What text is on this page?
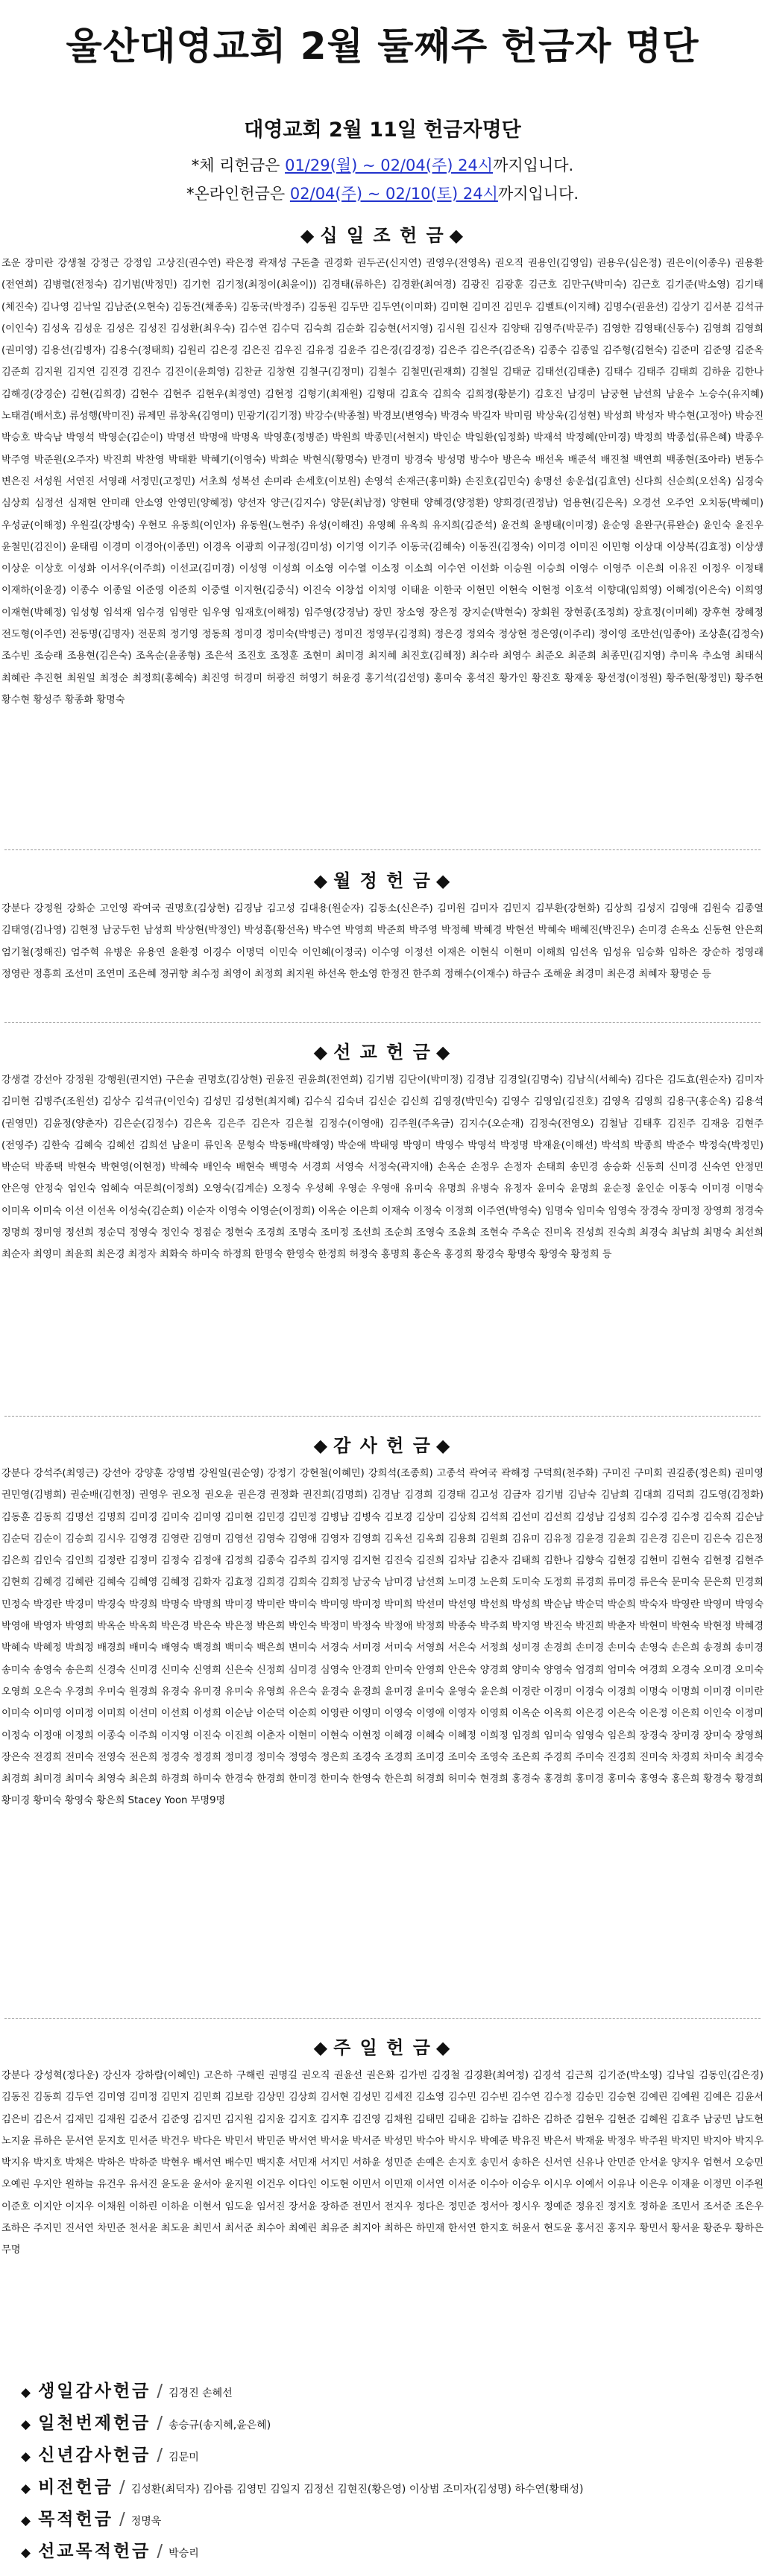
울산대영교회 2월 둘째주 헌금자 명단
대영교회 2월 11일 헌금자명단
*체 리헌금은 01/29(월) ~ 02/04(주) 24시까지입니다.
*온라인헌금은 02/04(주) ~ 02/10(토) 24시까지입니다.
◆ 십 일 조 헌 금 ◆
조운 장미란 강생철 강정근 강정임 고상진(권수연) 곽은정 곽재성 구돈출 권경화 권두곤(신지연) 권영우(전영옥) 권오직 권용인(김영임) 권용우(심은정) 권은이(이종우) 권용환(전연희) 김병렬(전정숙) 김기범(박정민) 김기헌 김기정(최정이(최윤이)) 김경태(류하은) 김경환(최여경) 김광진 김광훈 김근호 김만구(박미숙) 김근호 김기준(박소영) 김기태(체진숙) 김나영 김낙일 김남준(오현숙) 김동건(채종욱) 김동국(박정주) 김동원 김두만 김두연(이미화) 김미현 김미진 김민우 김벨트(이지해) 김명수(권윤선) 김상기 김서분 김석규(이인숙) 김성옥 김성운 김성은 김성진 김성환(최우숙) 김수연 김수덕 김숙희 김순화 김승현(서지영) 김시원 김신자 김양태 김영주(박문주) 김영한 김영태(신동수) 김영희 김영희(권미영) 김용선(김병자) 김용수(정태희) 김원리 김은경 김은진 김우진 김유정 김윤주 김은경(김경정) 김은주 김은주(김준옥) 김종수 김종일 김주형(김현숙) 김준미 김준영 김준옥 김준희 김지원 김지연 김진경 김진수 김진이(윤희영) 김찬균 김창현 김철구(김정미) 김철수 김철민(권재희) 김철일 김태균 김태선(김태춘) 김태수 김태주 김태희 김하윤 김한나 김해경(강경순) 김현(김희경) 김현수 김현주 김현우(최정연) 김현정 김형기(최재원) 김형대 김효숙 김희숙 김희정(황분기) 김호진 남경미 남궁현 남선희 남윤수 노승수(유지혜) 노태겸(배서호) 류성행(박미진) 류제민 류창옥(김영미) 민광기(김기정) 박강수(박종철) 박경보(변영숙) 박경숙 박길자 박미림 박상욱(김성현) 박성희 박성자 박수현(고정아) 박승진 박승호 박숙남 박영석 박영순(김순이) 박명선 박명애 박명옥 박영훈(정병준) 박원희 박종민(서현지) 박인순 박일환(임정화) 박재석 박정혜(안미경) 박정희 박종섭(류은혜) 박종우 박주영 박준원(오주자) 박진희 박찬영 박태환 박혜기(이영숙) 박희순 박현식(황명숙) 반경미 방경숙 방성명 방수아 방은숙 배선옥 배준석 배진철 백연희 백종현(조아라) 변동수 변은진 서성원 서연진 서영래 서정민(고정민) 서초희 성복선 손미라 손세호(이보원) 손영석 손재근(홍미화) 손진호(김민숙) 송명선 송운섭(김효연) 신다희 신순희(오선옥) 심경숙 심상희 심정선 심재현 안미래 안소영 안영민(양혜정) 양선자 양근(김지수) 양문(최남정) 양현태 양혜경(양정환) 양희경(권정남) 엄용현(김은옥) 오경선 오주언 오치동(박혜미) 우성균(이해정) 우원길(강병숙) 우현모 유동희(이인자) 유동원(노현주) 유성(이해진) 유영혜 유옥희 유지희(김준석) 윤건희 윤병태(이미정) 윤순영 윤완구(류완순) 윤인숙 윤진우 윤철민(김진이) 윤태림 이경미 이경아(이종민) 이경옥 이광희 이규정(김미성) 이기영 이기주 이동국(김혜숙) 이동진(김정숙) 이미경 이미진 이민형 이상대 이상복(김효정) 이상생 이상운 이상호 이성화 이서우(이주희) 이선교(김미경) 이성영 이성희 이소영 이수열 이소정 이소희 이수연 이선화 이승원 이승희 이영수 이영주 이은희 이유진 이정우 이정태 이재하(이윤경) 이종수 이종일 이준영 이준희 이중렬 이지현(김중식) 이진숙 이창섭 이치영 이태윤 이한국 이현민 이현숙 이현정 이호석 이향대(임희영) 이혜정(이은숙) 이희영 이재현(박혜정) 임성형 임석재 임수경 임영란 임우영 임재호(이해정) 임주영(강경남) 장민 장소영 장은정 장지순(박현숙) 장회원 장현종(조정희) 장효정(이미혜) 장후현 장혜정 전도형(이주연) 전동명(김명자) 전문희 정기영 정동희 정미경 정미숙(박병근) 정미진 정영무(김정희) 정은경 정외숙 정상현 정은영(이주리) 정이영 조만선(임종아) 조상훈(김정숙) 조수빈 조승래 조용현(김은숙) 조옥순(윤종형) 조은석 조진호 조정훈 조현미 최미경 최지혜 최진호(김혜정) 최수라 최영수 최준오 최준희 최종민(김지영) 추미옥 추소영 최태식 최혜란 추진현 최원일 최정순 최정희(홍혜숙) 최진영 허경미 허광진 허영기 허윤경 홍기석(김선영) 홍미숙 홍석진 황가인 황진호 황재웅 황선정(이정원) 황주현(황정민) 황주현 황수현 황성주 황종화 황명숙
◆ 월 정 헌 금 ◆
강분다 강정원 강화순 고인영 곽여국 권명호(김상현) 김경남 김고성 김대용(원순자) 김동소(신은주) 김미원 김미자 김민지 김부환(강현화) 김상희 김성지 김영애 김원숙 김종열 김태영(김나영) 김현정 남궁두헌 남성희 박상현(박정인) 박성흥(황선옥) 박수연 박영희 박준희 박주영 박정혜 박혜경 박현선 박혜숙 배혜진(박진우) 손미경 손옥소 신동현 안은희 엄기철(정해진) 엄주혁 유병운 유용연 윤환정 이경수 이명덕 이민숙 이인혜(이정국) 이수영 이정선 이재은 이현식 이현미 이해희 임선옥 임성유 임승화 임하은 장순하 정영래 정영란 정흥희 조선미 조연미 조은혜 정귀향 최수정 최영이 최정희 최지원 하선옥 한소영 한정진 한주희 정해수(이재수) 하금수 조해윤 최경미 최은경 최혜자 황명순 등
◆ 선 교 헌 금 ◆
강생결 강선아 강정원 강행원(권지연) 구은솔 권명호(김상현) 권윤진 권윤희(전연희) 김기범 김단이(박미정) 김경남 김경일(김명숙) 김남식(서혜숙) 김다은 김도효(원순자) 김미자 김미현 김병주(조원선) 김상수 김석규(이인숙) 김성민 김성현(최지혜) 김수식 김숙녀 김신순 김신희 김영경(박민숙) 김영수 김영임(김진호) 김영옥 김영희 김용구(홍순옥) 김용석(권영민) 김윤정(양춘자) 김은순(김정수) 김은옥 김은주 김은자 김은철 김정수(이영애) 김주원(주옥금) 김지수(오순재) 김정숙(전영오) 김철남 김태후 김진주 김재웅 김현주(전영주) 김한숙 김혜숙 김혜선 김희선 남윤미 류인옥 문형숙 박동배(박해영) 박순애 박태영 박영미 박영수 박영석 박정명 박재윤(이해선) 박석희 박종희 박준수 박정숙(박정민) 박순덕 박종택 박현숙 박현영(이현정) 박혜숙 배인숙 배현숙 백명숙 서경희 서영숙 서정숙(곽지애) 손옥순 손정우 손정자 손태희 송민경 송승화 신동희 신미경 신숙연 안정민 안은영 안정숙 엄인숙 엄혜숙 여문희(이정희) 오영숙(김계순) 오정숙 우성혜 우영순 우영애 유미숙 유명희 유병숙 유정자 윤미숙 윤명희 윤순정 윤인순 이동숙 이미경 이명숙 이미옥 이미숙 이선 이선옥 이성숙(김순희) 이순자 이영숙 이영순(이정희) 이옥순 이은희 이재숙 이정숙 이정희 이주연(박영숙) 임명숙 임미숙 임영숙 장경숙 장미정 장영희 정경숙 정명희 정미영 정선희 정순덕 정영숙 정인숙 정점순 정현숙 조경희 조명숙 조미정 조선희 조순희 조영숙 조윤희 조현숙 주옥순 진미옥 진성희 진숙희 최경숙 최남희 최명숙 최선희 최순자 최영미 최윤희 최은경 최정자 최화숙 하미숙 하정희 한명숙 한영숙 한정희 허정숙 홍명희 홍순옥 홍경희 황경숙 황명숙 황영숙 황정희 등
◆ 감 사 헌 금 ◆
강분다 강석주(최영근) 강선아 강양훈 강영범 강원일(권순영) 강정기 강현철(이혜민) 강희석(조종희) 고종석 곽여국 곽해정 구덕희(천주화) 구미진 구미회 권길종(정은희) 권미영 권민영(김병희) 권순배(김헌정) 권영우 권오정 권오윤 권은경 권정화 권진희(김명희) 김경남 김경희 김경태 김고성 김금자 김기범 김남숙 김남희 김대희 김덕희 김도영(김정화) 김동훈 김동희 김명선 김명희 김미경 김미숙 김미영 김미현 김민경 김민정 김병남 김병숙 김보경 김상미 김상희 김석희 김선미 김선희 김성남 김성희 김수경 김수정 김숙희 김순남 김순덕 김순이 김승희 김시우 김영경 김영란 김영미 김영선 김영숙 김영애 김영자 김영희 김옥선 김옥희 김용희 김원희 김유미 김유정 김윤경 김윤희 김은경 김은미 김은숙 김은정 김은희 김인숙 김인희 김정란 김정미 김정숙 김정애 김정희 김종숙 김주희 김지영 김지현 김진숙 김진희 김차남 김춘자 김태희 김한나 김향숙 김현경 김현미 김현숙 김현정 김현주 김현희 김혜경 김혜란 김혜숙 김혜영 김혜정 김화자 김효정 김희경 김희숙 김희정 남궁숙 남미경 남선희 노미경 노은희 도미숙 도정희 류경희 류미경 류은숙 문미숙 문은희 민경희 민정숙 박경란 박경미 박경숙 박경희 박명숙 박명희 박미경 박미란 박미숙 박미영 박미정 박미희 박선미 박선영 박선희 박성희 박순남 박순덕 박순희 박숙자 박영란 박영미 박영숙 박영애 박영자 박영희 박옥순 박옥희 박은경 박은숙 박은정 박은희 박인숙 박정미 박정숙 박정애 박정희 박종숙 박주희 박지영 박진숙 박진희 박춘자 박현미 박현숙 박현정 박혜경 박혜숙 박혜정 박희정 배경희 배미숙 배영숙 백경희 백미숙 백은희 변미숙 서경숙 서미경 서미숙 서영희 서은숙 서정희 성미경 손경희 손미경 손미숙 손영숙 손은희 송경희 송미경 송미숙 송영숙 송은희 신경숙 신미경 신미숙 신영희 신은숙 신정희 심미경 심영숙 안경희 안미숙 안영희 안은숙 양경희 양미숙 양영숙 엄경희 엄미숙 여경희 오경숙 오미경 오미숙 오영희 오은숙 우경희 우미숙 원경희 유경숙 유미경 유미숙 유영희 유은숙 윤경숙 윤경희 윤미경 윤미숙 윤영숙 윤은희 이경란 이경미 이경숙 이경희 이명숙 이명희 이미경 이미란 이미숙 이미영 이미정 이미희 이선미 이선희 이성희 이순남 이순덕 이순희 이영란 이영미 이영숙 이영애 이영자 이영희 이옥순 이옥희 이은경 이은숙 이은정 이은희 이인숙 이정미 이정숙 이정애 이정희 이종숙 이주희 이지영 이진숙 이진희 이춘자 이현미 이현숙 이현정 이혜경 이혜숙 이혜정 이희정 임경희 임미숙 임영숙 임은희 장경숙 장미경 장미숙 장영희 장은숙 전경희 전미숙 전영숙 전은희 정경숙 정경희 정미경 정미숙 정영숙 정은희 조경숙 조경희 조미경 조미숙 조영숙 조은희 주경희 주미숙 진경희 진미숙 차경희 차미숙 최경숙 최경희 최미경 최미숙 최영숙 최은희 하경희 하미숙 한경숙 한경희 한미경 한미숙 한영숙 한은희 허경희 허미숙 현경희 홍경숙 홍경희 홍미경 홍미숙 홍영숙 홍은희 황경숙 황경희 황미경 황미숙 황영숙 황은희 Stacey Yoon 무명9명
◆ 주 일 헌 금 ◆
강분다 강성혁(정다운) 강신자 강하람(이혜인) 고은하 구해린 권명길 권오직 권윤선 권은화 김가빈 김경철 김경환(최여정) 김경석 김근희 김기준(박소영) 김낙일 김동인(김은경) 김동진 김동희 김두연 김미영 김미정 김민지 김민희 김보람 김상민 김상희 김서현 김성민 김세진 김소영 김수민 김수빈 김수연 김수정 김승민 김승현 김예린 김예원 김예은 김윤서 김은비 김은서 김재민 김재원 김준서 김준영 김지민 김지원 김지윤 김지호 김지후 김진영 김채원 김태민 김태윤 김하늘 김하은 김하준 김현우 김현준 김혜원 김효주 남궁민 남도현 노지윤 류하은 문서연 문지호 민서준 박건우 박다은 박민서 박민준 박서연 박서윤 박서준 박성민 박수아 박시우 박예준 박유진 박은서 박재윤 박정우 박주원 박지민 박지아 박지우 박지유 박지호 박채은 박하은 박하준 박현우 배서연 배수민 백지훈 서민재 서지민 서하윤 성민준 손예은 손지호 송민서 송하은 신서연 신유나 안민준 안서윤 양지우 엄현서 오승민 오예린 우지안 원하늘 유건우 유서진 윤도윤 윤서아 윤지원 이건우 이다인 이도현 이민서 이민재 이서연 이서준 이수아 이승우 이시우 이예서 이유나 이은우 이재윤 이정민 이주원 이준호 이지안 이지우 이채원 이하린 이하윤 이현서 임도윤 임서진 장서윤 장하준 전민서 전지우 정다은 정민준 정서아 정시우 정예준 정유진 정지호 정하윤 조민서 조서준 조은우 조하은 주지민 진서연 차민준 천서윤 최도윤 최민서 최서준 최수아 최예린 최유준 최지아 최하은 하민재 한서연 한지호 허윤서 현도윤 홍서진 홍지우 황민서 황서윤 황준우 황하은 무명
◆ 생일감사헌금 / 김경진 손혜선
◆ 일천번제헌금 / 송승규(송지혜,윤은혜)
◆ 신년감사헌금 / 김문미
◆ 비전헌금 / 김성환(최덕자) 김아름 김영민 김일지 김정선 김현진(황은영) 이상범 조미자(김성명) 하수연(황태성)
◆ 목적헌금 / 정명욱
◆ 선교목적헌금 / 박승리
